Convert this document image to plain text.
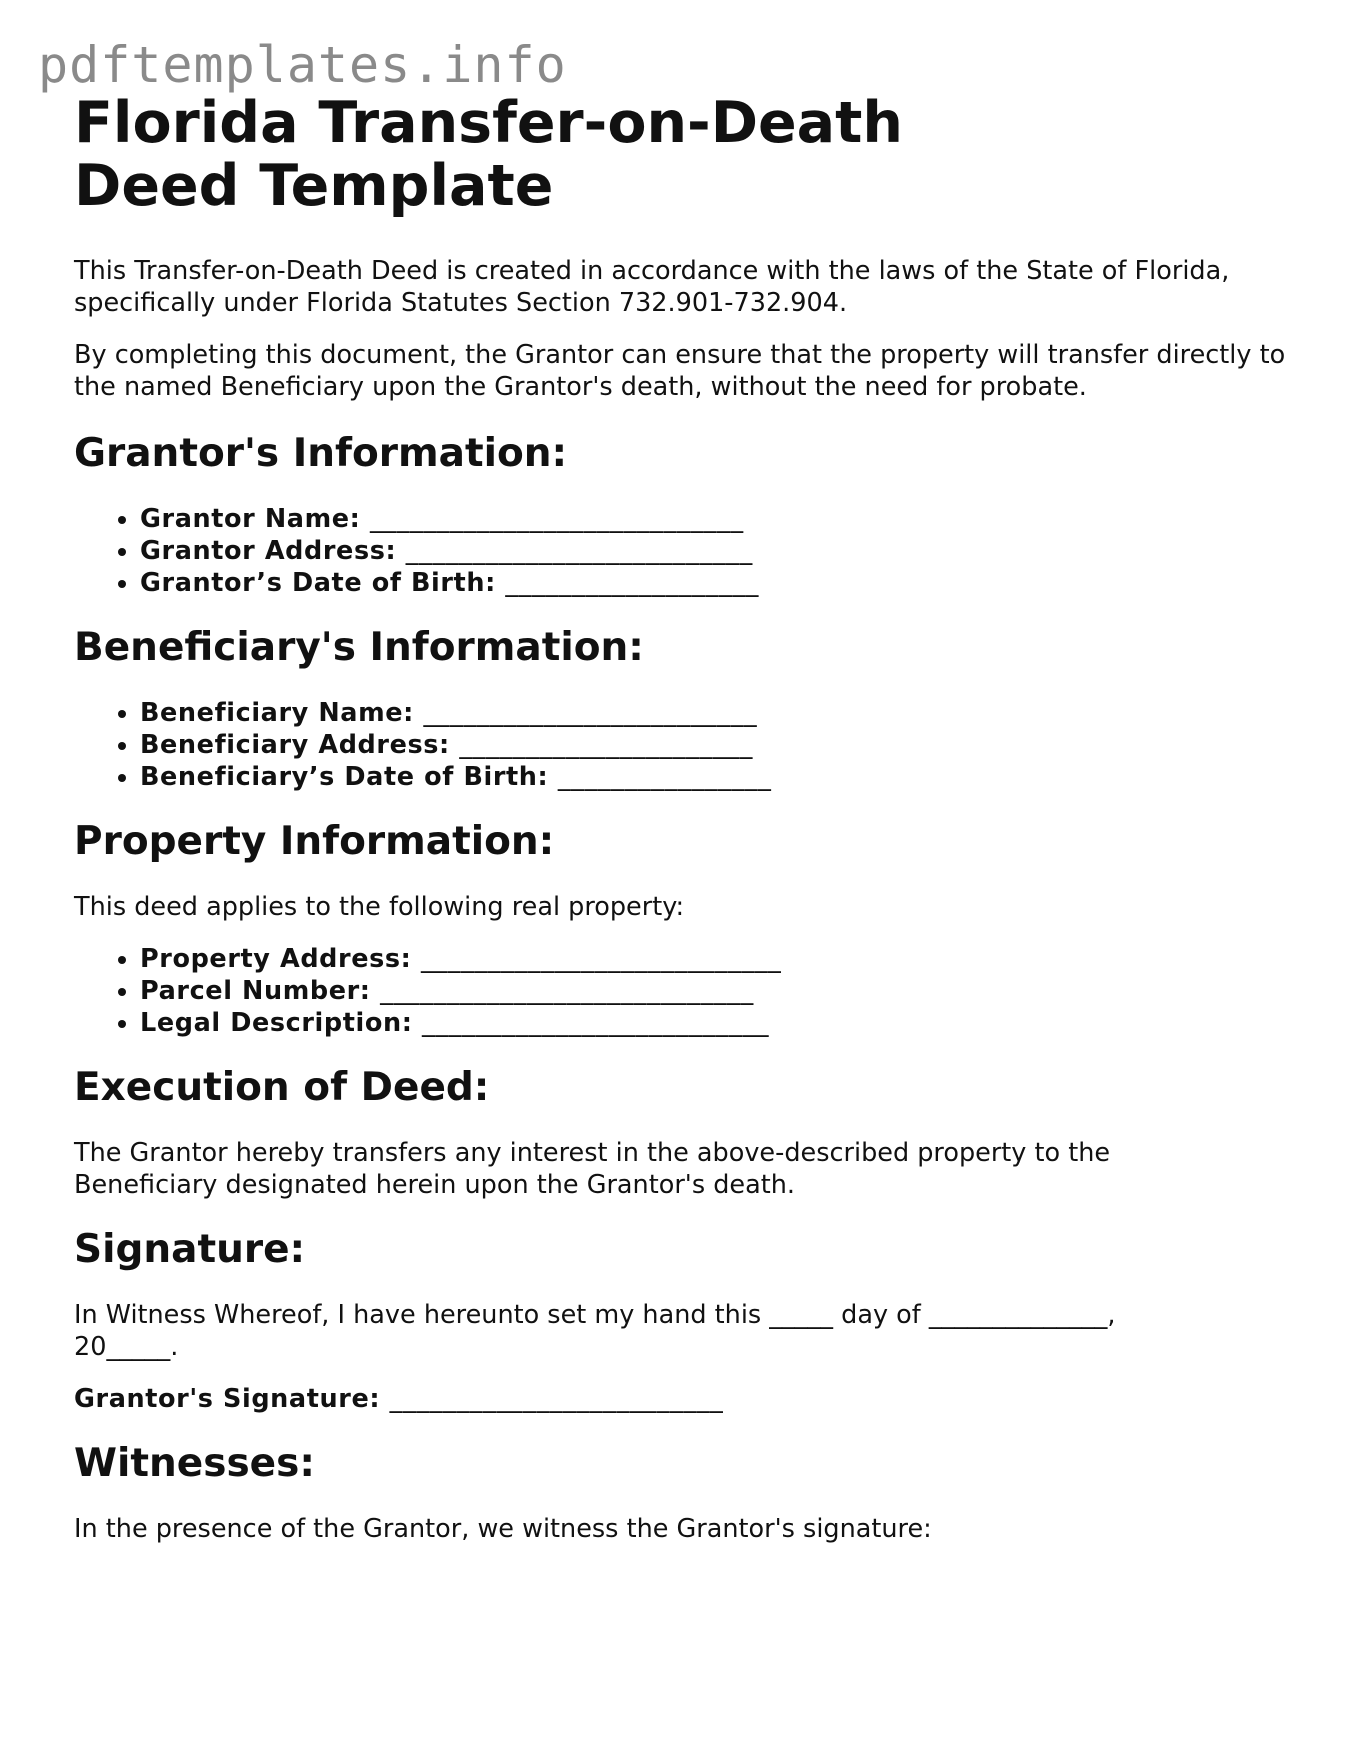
pdftemplates.info
Florida Transfer-on-Death Deed Template

This Transfer-on-Death Deed is created in accordance with the laws of the State of Florida, specifically under Florida Statutes Section 732.901-732.904.

By completing this document, the Grantor can ensure that the property will transfer directly to the named Beneficiary upon the Grantor's death, without the need for probate.

Grantor's Information:
• Grantor Name: ____________________________
• Grantor Address: __________________________
• Grantor’s Date of Birth: ___________________
Beneficiary's Information:
• Beneficiary Name: _________________________
• Beneficiary Address: ______________________
• Beneficiary’s Date of Birth: ________________
Property Information:

This deed applies to the following real property:

• Property Address: ___________________________
• Parcel Number: ____________________________
• Legal Description: __________________________
Execution of Deed:

The Grantor hereby transfers any interest in the above-described property to the Beneficiary designated herein upon the Grantor's death.

Signature:

In Witness Whereof, I have hereunto set my hand this _____ day of ______________, 20_____.

Grantor's Signature: _________________________

Witnesses:

In the presence of the Grantor, we witness the Grantor's signature:
